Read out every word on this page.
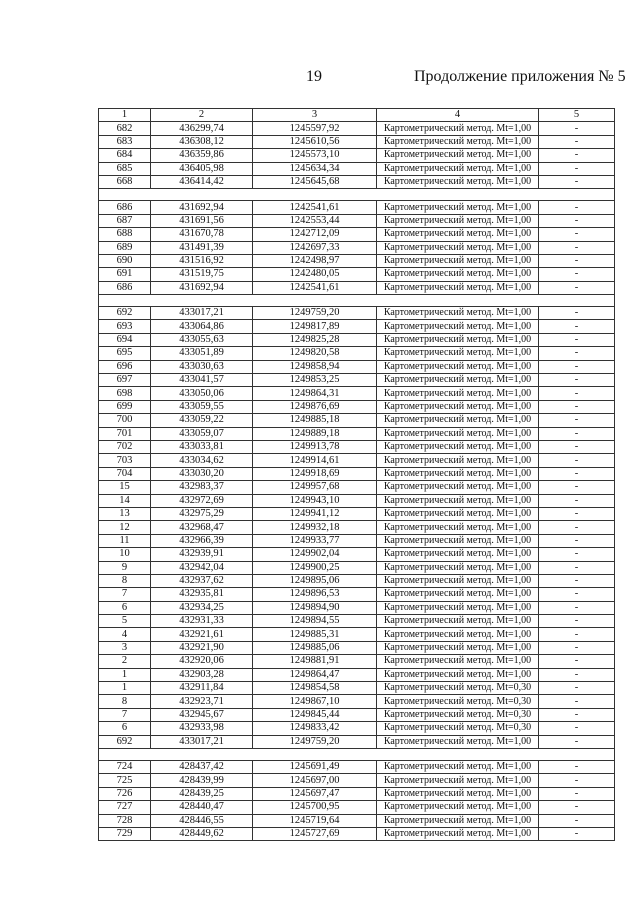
19	Продолжение приложения № 5
1	2	3	4	5
682	436299,74	1245597,92	Картометрический метод. Mt=1,00	-
683	436308,12	1245610,56	Картометрический метод. Mt=1,00	-
684	436359,86	1245573,10	Картометрический метод. Mt=1,00	-
685	436405,98	1245634,34	Картометрический метод. Mt=1,00	-
668	436414,42	1245645,68	Картометрический метод. Mt=1,00	-

686	431692,94	1242541,61	Картометрический метод. Mt=1,00	-
687	431691,56	1242553,44	Картометрический метод. Mt=1,00	-
688	431670,78	1242712,09	Картометрический метод. Mt=1,00	-
689	431491,39	1242697,33	Картометрический метод. Mt=1,00	-
690	431516,92	1242498,97	Картометрический метод. Mt=1,00	-
691	431519,75	1242480,05	Картометрический метод. Mt=1,00	-
686	431692,94	1242541,61	Картометрический метод. Mt=1,00	-

692	433017,21	1249759,20	Картометрический метод. Mt=1,00	-
693	433064,86	1249817,89	Картометрический метод. Mt=1,00	-
694	433055,63	1249825,28	Картометрический метод. Mt=1,00	-
695	433051,89	1249820,58	Картометрический метод. Mt=1,00	-
696	433030,63	1249858,94	Картометрический метод. Mt=1,00	-
697	433041,57	1249853,25	Картометрический метод. Mt=1,00	-
698	433050,06	1249864,31	Картометрический метод. Mt=1,00	-
699	433059,55	1249876,69	Картометрический метод. Mt=1,00	-
700	433059,22	1249885,18	Картометрический метод. Mt=1,00	-
701	433059,07	1249889,18	Картометрический метод. Mt=1,00	-
702	433033,81	1249913,78	Картометрический метод. Mt=1,00	-
703	433034,62	1249914,61	Картометрический метод. Mt=1,00	-
704	433030,20	1249918,69	Картометрический метод. Mt=1,00	-
15	432983,37	1249957,68	Картометрический метод. Mt=1,00	-
14	432972,69	1249943,10	Картометрический метод. Mt=1,00	-
13	432975,29	1249941,12	Картометрический метод. Mt=1,00	-
12	432968,47	1249932,18	Картометрический метод. Mt=1,00	-
11	432966,39	1249933,77	Картометрический метод. Mt=1,00	-
10	432939,91	1249902,04	Картометрический метод. Mt=1,00	-
9	432942,04	1249900,25	Картометрический метод. Mt=1,00	-
8	432937,62	1249895,06	Картометрический метод. Mt=1,00	-
7	432935,81	1249896,53	Картометрический метод. Mt=1,00	-
6	432934,25	1249894,90	Картометрический метод. Mt=1,00	-
5	432931,33	1249894,55	Картометрический метод. Mt=1,00	-
4	432921,61	1249885,31	Картометрический метод. Mt=1,00	-
3	432921,90	1249885,06	Картометрический метод. Mt=1,00	-
2	432920,06	1249881,91	Картометрический метод. Mt=1,00	-
1	432903,28	1249864,47	Картометрический метод. Mt=1,00	-
1	432911,84	1249854,58	Картометрический метод. Mt=0,30	-
8	432923,71	1249867,10	Картометрический метод. Mt=0,30	-
7	432945,67	1249845,44	Картометрический метод. Mt=0,30	-
6	432933,98	1249833,42	Картометрический метод. Mt=0,30	-
692	433017,21	1249759,20	Картометрический метод. Mt=1,00	-

724	428437,42	1245691,49	Картометрический метод. Mt=1,00	-
725	428439,99	1245697,00	Картометрический метод. Mt=1,00	-
726	428439,25	1245697,47	Картометрический метод. Mt=1,00	-
727	428440,47	1245700,95	Картометрический метод. Mt=1,00	-
728	428446,55	1245719,64	Картометрический метод. Mt=1,00	-
729	428449,62	1245727,69	Картометрический метод. Mt=1,00	-
